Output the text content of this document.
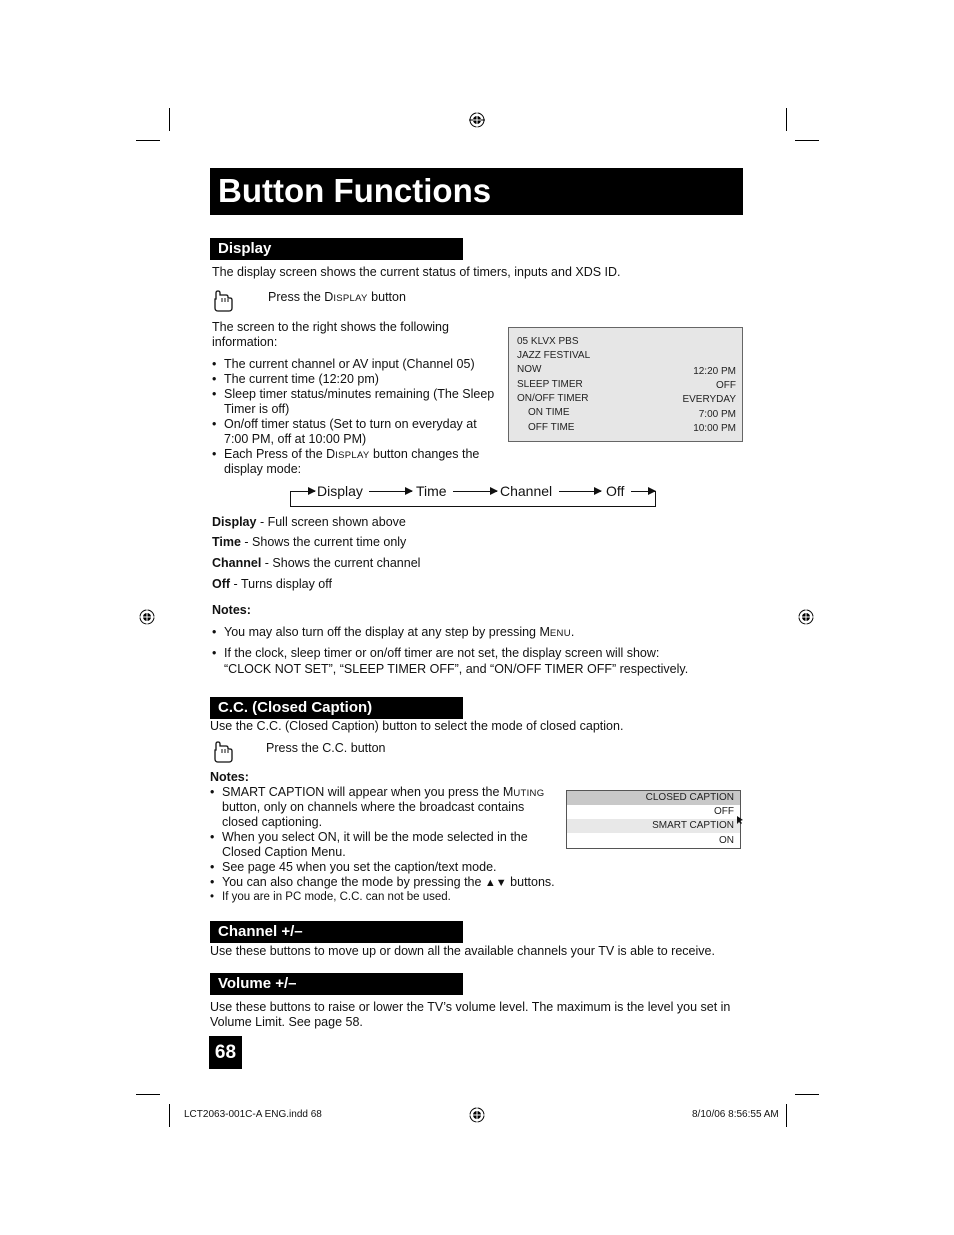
Button Functions
Display
The display screen shows the current status of timers, inputs and XDS ID.
Press the DISPLAY button
The screen to the right shows the following
information:
• The current channel or AV input (Channel 05)
• The current time (12:20 pm)
• Sleep timer status/minutes remaining (The Sleep
Timer is off)
• On/off timer status (Set to turn on everyday at
7:00 PM, off at 10:00 PM)
• Each Press of the DISPLAY button changes the
display mode:
05 KLVX PBS
JAZZ FESTIVAL
NOW	12:20 PM
SLEEP TIMER	OFF
ON/OFF TIMER	EVERYDAY
ON TIME	7:00 PM
OFF TIME	10:00 PM
Display	Time	Channel	Off
Display - Full screen shown above
Time - Shows the current time only
Channel - Shows the current channel
Off - Turns display off
Notes:
• You may also turn off the display at any step by pressing MENU.
• If the clock, sleep timer or on/off timer are not set, the display screen will show:
“CLOCK NOT SET”, “SLEEP TIMER OFF”, and “ON/OFF TIMER OFF” respectively.
C.C. (Closed Caption)
Use the C.C. (Closed Caption) button to select the mode of closed caption.
Press the C.C. button
Notes:
• SMART CAPTION will appear when you press the MUTING
button, only on channels where the broadcast contains
closed captioning.
• When you select ON, it will be the mode selected in the
Closed Caption Menu.
• See page 45 when you set the caption/text mode.
• You can also change the mode by pressing the ▲▼ buttons.
• If you are in PC mode, C.C. can not be used.
CLOSED CAPTION
OFF
SMART CAPTION
ON
Channel +/–
Use these buttons to move up or down all the available channels your TV is able to receive.
Volume +/–
Use these buttons to raise or lower the TV’s volume level. The maximum is the level you set in
Volume Limit. See page 58.
68
LCT2063-001C-A ENG.indd 68	8/10/06 8:56:55 AM
